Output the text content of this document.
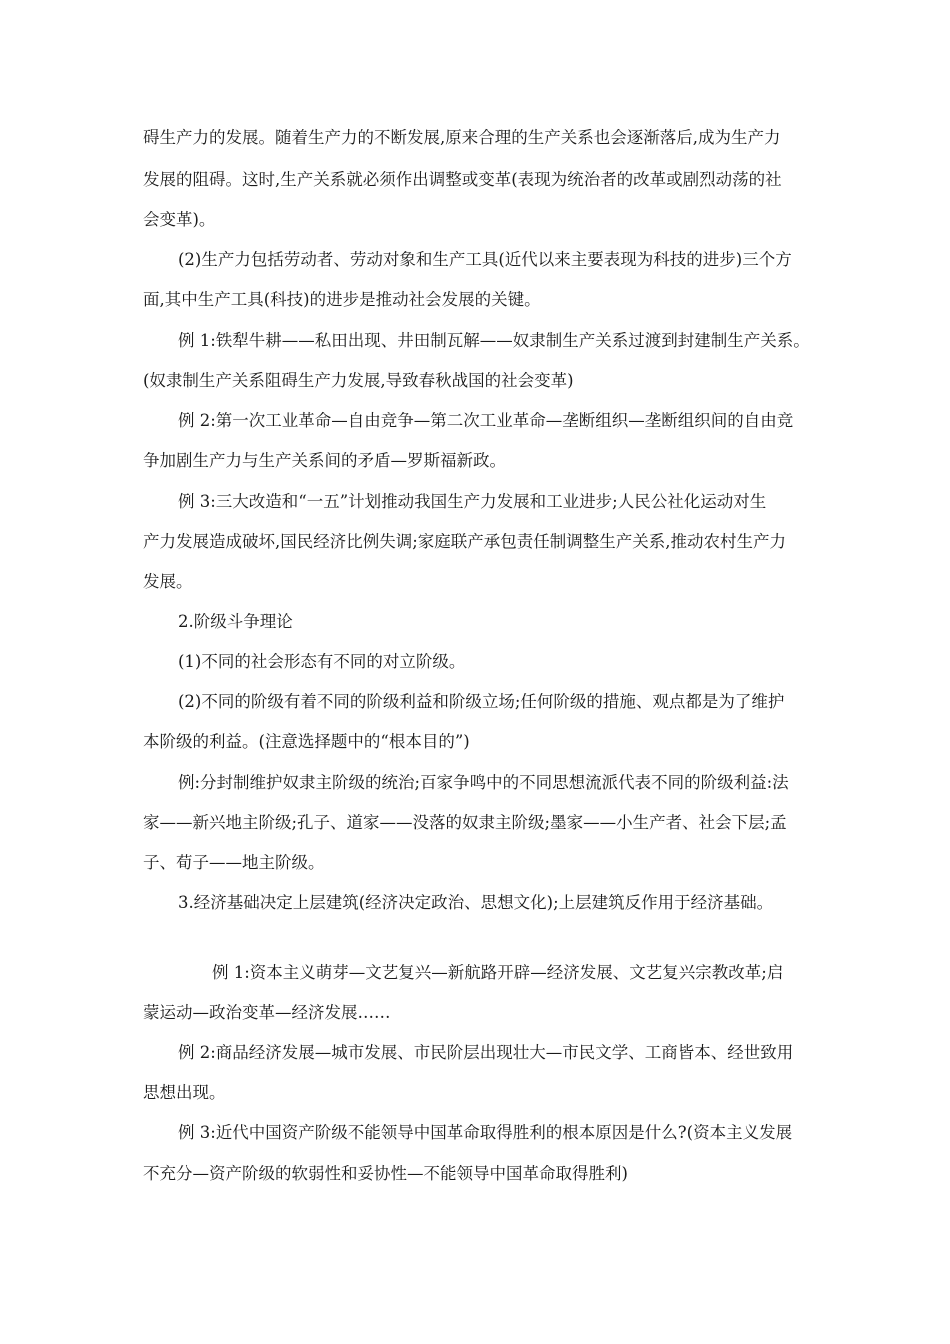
碍生产力的发展。随着生产力的不断发展,原来合理的生产关系也会逐渐落后,成为生产力
发展的阻碍。这时,生产关系就必须作出调整或变革(表现为统治者的改革或剧烈动荡的社
会变革)。
(2)生产力包括劳动者、劳动对象和生产工具(近代以来主要表现为科技的进步)三个方
面,其中生产工具(科技)的进步是推动社会发展的关键。
例 1:铁犁牛耕——私田出现、井田制瓦解——奴隶制生产关系过渡到封建制生产关系。
(奴隶制生产关系阻碍生产力发展,导致春秋战国的社会变革)
例 2:第一次工业革命—自由竞争—第二次工业革命—垄断组织—垄断组织间的自由竞
争加剧生产力与生产关系间的矛盾—罗斯福新政。
例 3:三大改造和“一五”计划推动我国生产力发展和工业进步;人民公社化运动对生
产力发展造成破坏,国民经济比例失调;家庭联产承包责任制调整生产关系,推动农村生产力
发展。
2.阶级斗争理论
(1)不同的社会形态有不同的对立阶级。
(2)不同的阶级有着不同的阶级利益和阶级立场;任何阶级的措施、观点都是为了维护
本阶级的利益。(注意选择题中的“根本目的”)
例:分封制维护奴隶主阶级的统治;百家争鸣中的不同思想流派代表不同的阶级利益:法
家——新兴地主阶级;孔子、道家——没落的奴隶主阶级;墨家——小生产者、社会下层;孟
子、荀子——地主阶级。
3.经济基础决定上层建筑(经济决定政治、思想文化);上层建筑反作用于经济基础。
例 1:资本主义萌芽—文艺复兴—新航路开辟—经济发展、文艺复兴宗教改革;启
蒙运动—政治变革—经济发展……
例 2:商品经济发展—城市发展、市民阶层出现壮大—市民文学、工商皆本、经世致用
思想出现。
例 3:近代中国资产阶级不能领导中国革命取得胜利的根本原因是什么?(资本主义发展
不充分—资产阶级的软弱性和妥协性—不能领导中国革命取得胜利)
